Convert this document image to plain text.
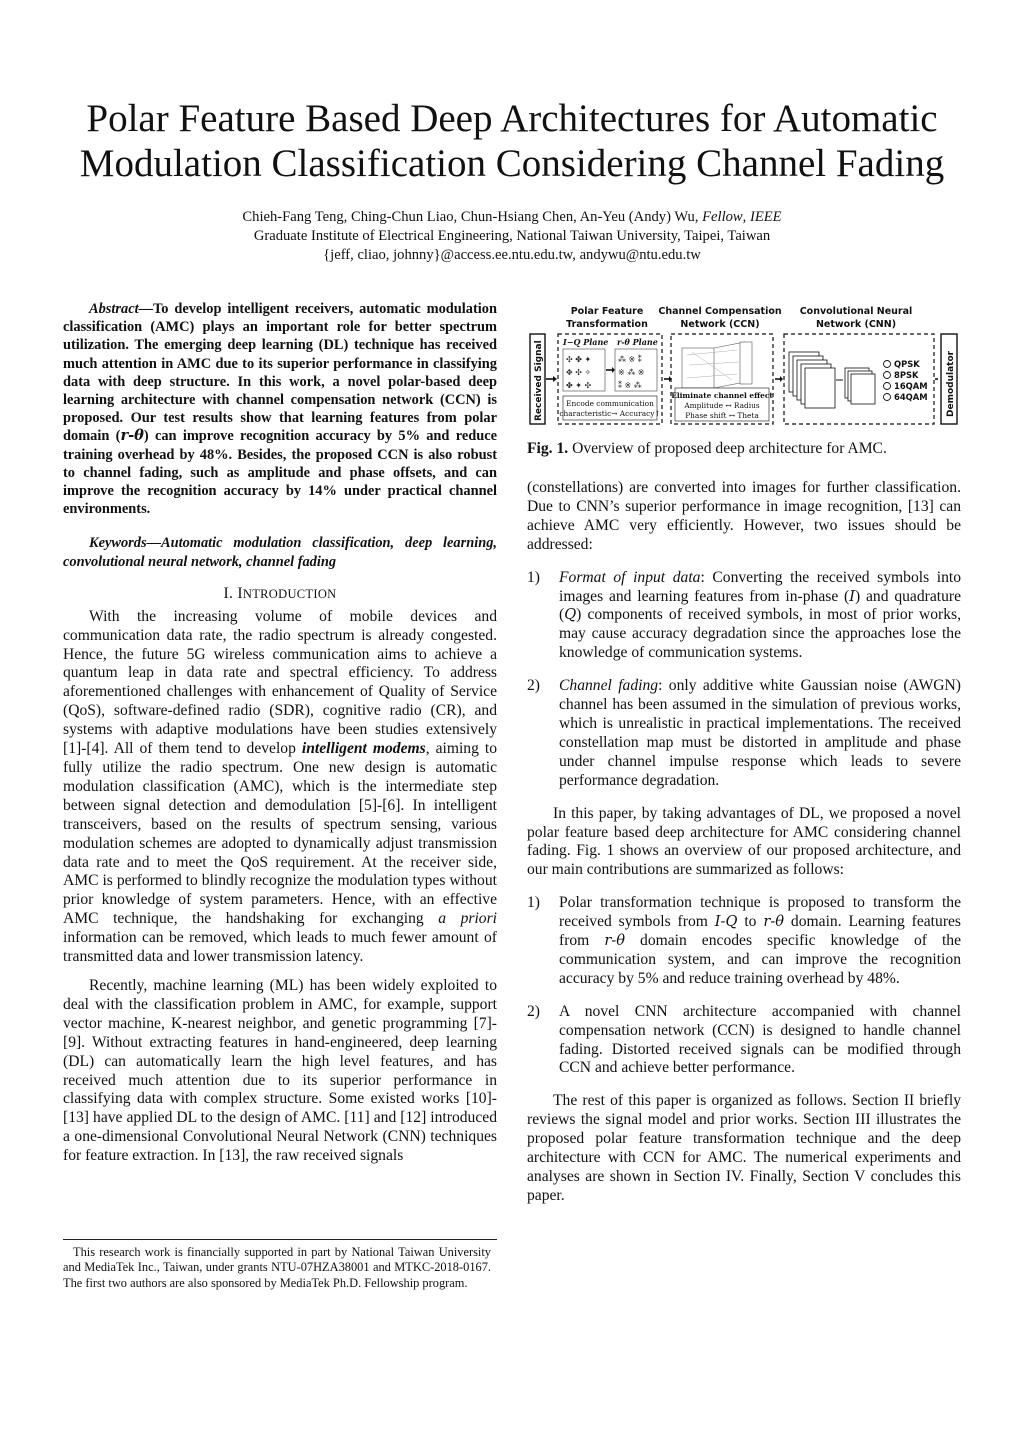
Polar Feature Based Deep Architectures for Automatic
Modulation Classification Considering Channel Fading
Chieh-Fang Teng, Ching-Chun Liao, Chun-Hsiang Chen, An-Yeu (Andy) Wu, Fellow, IEEE
Graduate Institute of Electrical Engineering, National Taiwan University, Taipei, Taiwan
{jeff, cliao, johnny}@access.ee.ntu.edu.tw, andywu@ntu.edu.tw

Abstract—To develop intelligent receivers, automatic modulation classification (AMC) plays an important role for better spectrum utilization. The emerging deep learning (DL) technique has received much attention in AMC due to its superior performance in classifying data with deep structure. In this work, a novel polar-based deep learning architecture with channel compensation network (CCN) is proposed. Our test results show that learning features from polar domain (r-θ) can improve recognition accuracy by 5% and reduce training overhead by 48%. Besides, the proposed CCN is also robust to channel fading, such as amplitude and phase offsets, and can improve the recognition accuracy by 14% under practical channel environments.

Keywords—Automatic modulation classification, deep learning, convolutional neural network, channel fading

I. INTRODUCTION

With the increasing volume of mobile devices and communication data rate, the radio spectrum is already congested. Hence, the future 5G wireless communication aims to achieve a quantum leap in data rate and spectral efficiency. To address aforementioned challenges with enhancement of Quality of Service (QoS), software-defined radio (SDR), cognitive radio (CR), and systems with adaptive modulations have been studies extensively [1]-[4]. All of them tend to develop intelligent modems, aiming to fully utilize the radio spectrum. One new design is automatic modulation classification (AMC), which is the intermediate step between signal detection and demodulation [5]-[6]. In intelligent transceivers, based on the results of spectrum sensing, various modulation schemes are adopted to dynamically adjust transmission data rate and to meet the QoS requirement. At the receiver side, AMC is performed to blindly recognize the modulation types without prior knowledge of system parameters. Hence, with an effective AMC technique, the handshaking for exchanging a priori information can be removed, which leads to much fewer amount of transmitted data and lower transmission latency.

Recently, machine learning (ML) has been widely exploited to deal with the classification problem in AMC, for example, support vector machine, K-nearest neighbor, and genetic programming [7]-[9]. Without extracting features in hand-engineered, deep learning (DL) can automatically learn the high level features, and has received much attention due to its superior performance in classifying data with complex structure. Some existed works [10]-[13] have applied DL to the design of AMC. [11] and [12] introduced a one-dimensional Convolutional Neural Network (CNN) techniques for feature extraction. In [13], the raw received signals

This research work is financially supported in part by National Taiwan University and MediaTek Inc., Taiwan, under grants NTU-07HZA38001 and MTKC-2018-0167. The first two authors are also sponsored by MediaTek Ph.D. Fellowship program.
Polar Feature
Transformation
Channel Compensation
Network (CCN)
Convolutional Neural
Network (CNN)
Received Signal I−Q Plane r-θ Plane
✣ ✤ ✦
✥ ✣ ✧
✤ ✦ ✣
⁂ ※ ⁑
※ ⁂ ※
⁑ ※ ⁂
Encode communication
characteristic→ Accuracy↑
Eliminate channel effect
Amplitude ↔ Radius
Phase shift ↔ Theta
QPSK
8PSK
16QAM
64QAM Demodulator
Fig. 1. Overview of proposed deep architecture for AMC.

(constellations) are converted into images for further classification. Due to CNN’s superior performance in image recognition, [13] can achieve AMC very efficiently. However, two issues should be addressed:

1) Format of input data: Converting the received symbols into images and learning features from in-phase (I) and quadrature (Q) components of received symbols, in most of prior works, may cause accuracy degradation since the approaches lose the knowledge of communication systems.
2) Channel fading: only additive white Gaussian noise (AWGN) channel has been assumed in the simulation of previous works, which is unrealistic in practical implementations. The received constellation map must be distorted in amplitude and phase under channel impulse response which leads to severe performance degradation.

In this paper, by taking advantages of DL, we proposed a novel polar feature based deep architecture for AMC considering channel fading. Fig. 1 shows an overview of our proposed architecture, and our main contributions are summarized as follows:

1) Polar transformation technique is proposed to transform the received symbols from I-Q to r-θ domain. Learning features from r-θ domain encodes specific knowledge of the communication system, and can improve the recognition accuracy by 5% and reduce training overhead by 48%.
2) A novel CNN architecture accompanied with channel compensation network (CCN) is designed to handle channel fading. Distorted received signals can be modified through CCN and achieve better performance.

The rest of this paper is organized as follows. Section II briefly reviews the signal model and prior works. Section III illustrates the proposed polar feature transformation technique and the deep architecture with CCN for AMC. The numerical experiments and analyses are shown in Section IV. Finally, Section V concludes this paper.
